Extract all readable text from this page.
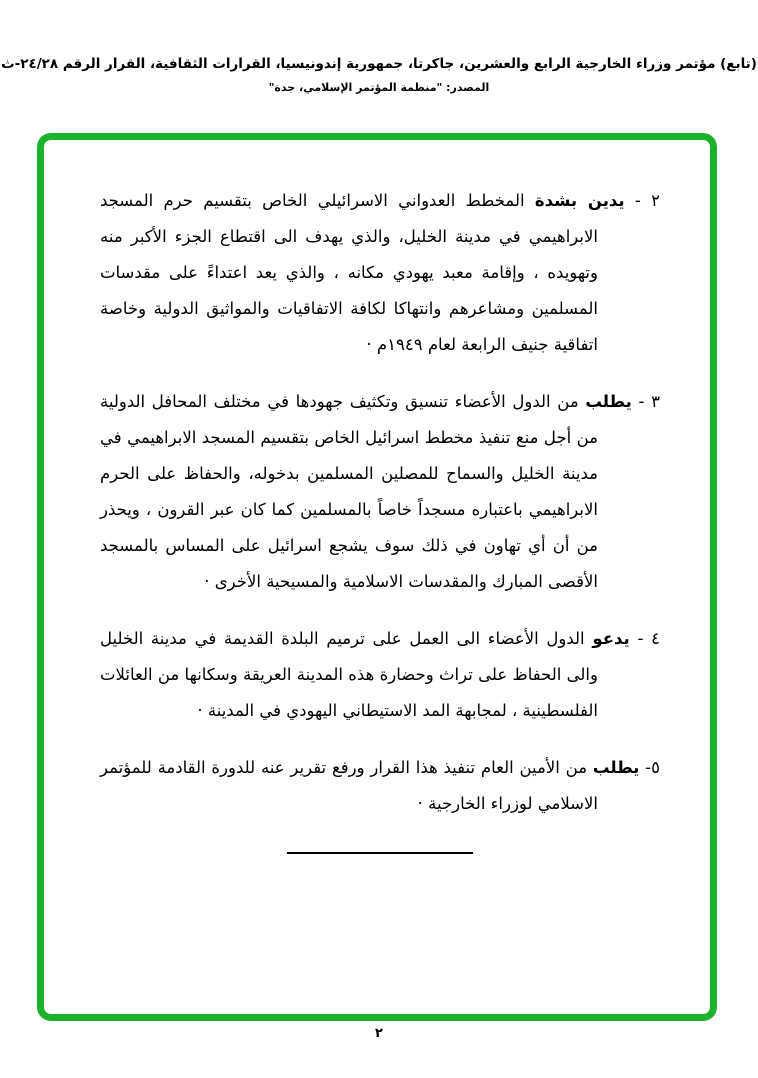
(تابع) مؤتمر وزراء الخارجية الرابع والعشرين، جاكرتا، جمهورية إندونيسيا، القرارات الثقافية، القرار الرقم ٢٤/٢٨-ث
المصدر: "منظمة المؤتمر الإسلامي، جدة"

٢ - يدين بشدة المخطط العدواني الاسرائيلي الخاص بتقسيم حرم المسجد الابراهيمي في مدينة الخليل، والذي يهدف الى اقتطاع الجزء الأكبر منه وتهويده ، وإقامة معبد يهودي مكانه ، والذي يعد اعتداءً على مقدسات المسلمين ومشاعرهم وانتهاكا لكافة الاتفاقيات والمواثيق الدولية وخاصة اتفاقية جنيف الرابعة لعام ١٩٤٩م ·

٣ - يطلب من الدول الأعضاء تنسيق وتكثيف جهودها في مختلف المحافل الدولية من أجل منع تنفيذ مخطط اسرائيل الخاص بتقسيم المسجد الابراهيمي في مدينة الخليل والسماح للمصلين المسلمين بدخوله، والحفاظ على الحرم الابراهيمي باعتباره مسجداً خاصاً بالمسلمين كما كان عبر القرون ، ويحذر من أن أي تهاون في ذلك سوف يشجع اسرائيل على المساس بالمسجد الأقصى المبارك والمقدسات الاسلامية والمسيحية الأخرى ·

٤ - يدعو الدول الأعضاء الى العمل على ترميم البلدة القديمة في مدينة الخليل والى الحفاظ على تراث وحضارة هذه المدينة العريقة وسكانها من العائلات الفلسطينية ، لمجابهة المد الاستيطاني اليهودي في المدينة ·

٥- يطلب من الأمين العام تنفيذ هذا القرار ورفع تقرير عنه للدورة القادمة للمؤتمر الاسلامي لوزراء الخارجية ·

٢
